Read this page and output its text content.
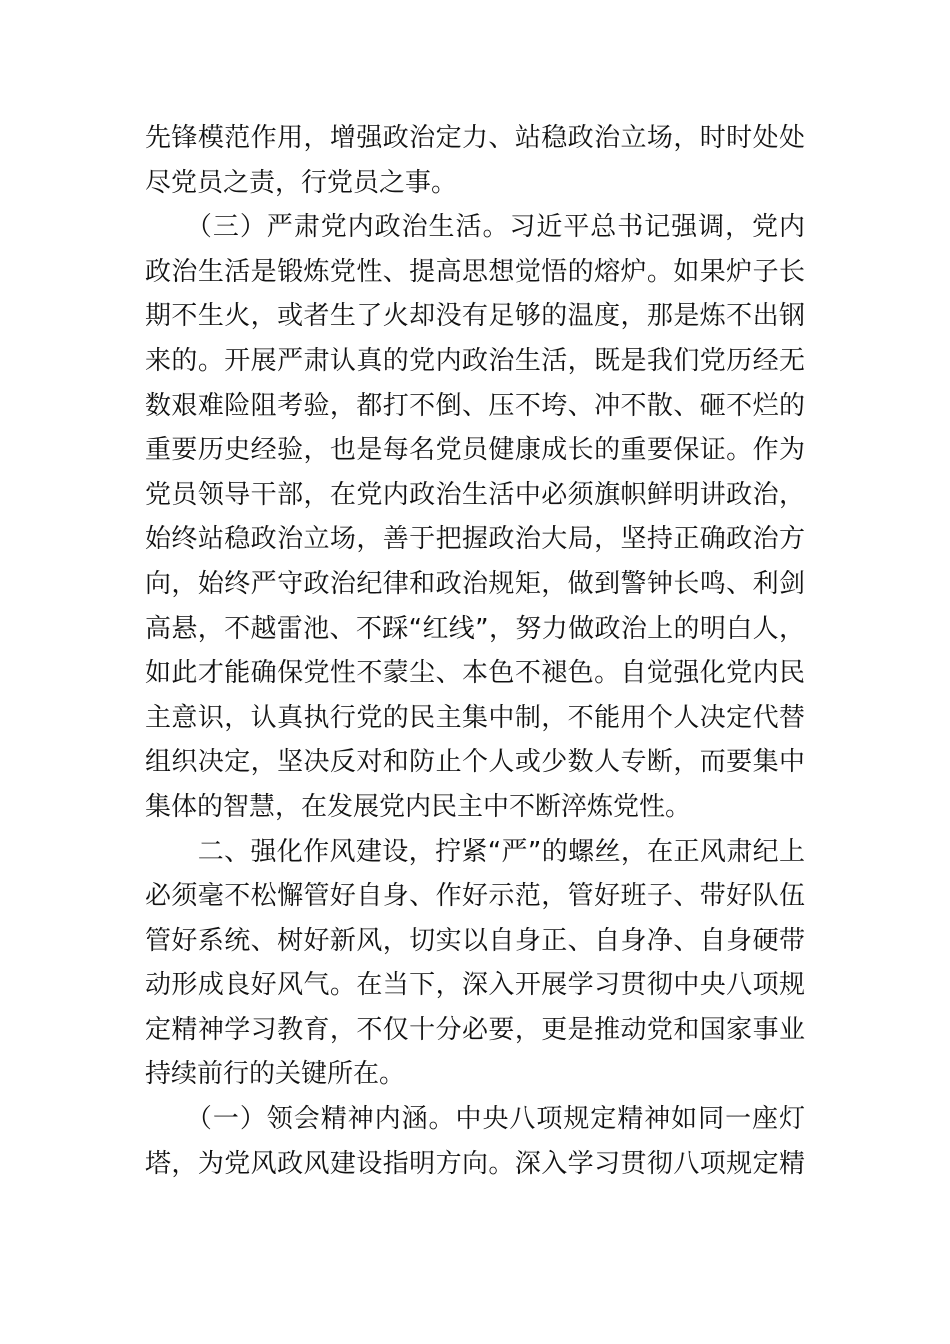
先锋模范作用，增强政治定力、站稳政治立场，时时处处
尽党员之责，行党员之事。
　　（三）严肃党内政治生活。习近平总书记强调，党内
政治生活是锻炼党性、提高思想觉悟的熔炉。如果炉子长
期不生火，或者生了火却没有足够的温度，那是炼不出钢
来的。开展严肃认真的党内政治生活，既是我们党历经无
数艰难险阻考验，都打不倒、压不垮、冲不散、砸不烂的
重要历史经验，也是每名党员健康成长的重要保证。作为
党员领导干部，在党内政治生活中必须旗帜鲜明讲政治，
始终站稳政治立场，善于把握政治大局，坚持正确政治方
向，始终严守政治纪律和政治规矩，做到警钟长鸣、利剑
高悬，不越雷池、不踩“红线”，努力做政治上的明白人，
如此才能确保党性不蒙尘、本色不褪色。自觉强化党内民
主意识，认真执行党的民主集中制，不能用个人决定代替
组织决定，坚决反对和防止个人或少数人专断，而要集中
集体的智慧，在发展党内民主中不断淬炼党性。
　　二、强化作风建设，拧紧“严”的螺丝，在正风肃纪上
必须毫不松懈管好自身、作好示范，管好班子、带好队伍
管好系统、树好新风，切实以自身正、自身净、自身硬带
动形成良好风气。在当下，深入开展学习贯彻中央八项规
定精神学习教育，不仅十分必要，更是推动党和国家事业
持续前行的关键所在。
　　（一）领会精神内涵。中央八项规定精神如同一座灯
塔，为党风政风建设指明方向。深入学习贯彻八项规定精
